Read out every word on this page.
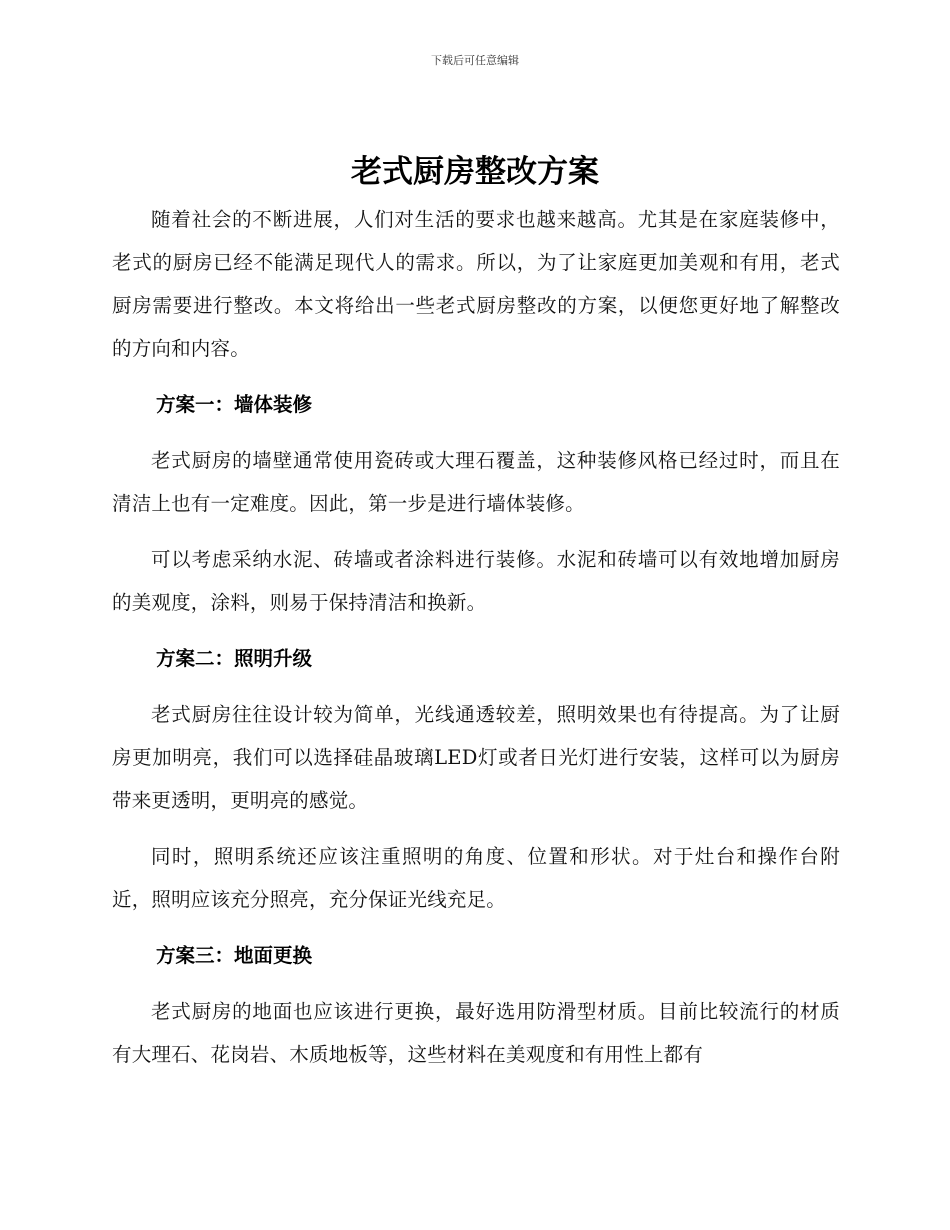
下载后可任意编辑
老式厨房整改方案

随着社会的不断进展，人们对生活的要求也越来越高。尤其是在家庭装修中，老式的厨房已经不能满足现代人的需求。所以，为了让家庭更加美观和有用，老式厨房需要进行整改。本文将给出一些老式厨房整改的方案，以便您更好地了解整改的方向和内容。

方案一：墙体装修

老式厨房的墙壁通常使用瓷砖或大理石覆盖，这种装修风格已经过时，而且在清洁上也有一定难度。因此，第一步是进行墙体装修。

可以考虑采纳水泥、砖墙或者涂料进行装修。水泥和砖墙可以有效地增加厨房的美观度，涂料，则易于保持清洁和换新。

方案二：照明升级

老式厨房往往设计较为简单，光线通透较差，照明效果也有待提高。为了让厨房更加明亮，我们可以选择硅晶玻璃LED灯或者日光灯进行安装，这样可以为厨房带来更透明，更明亮的感觉。

同时，照明系统还应该注重照明的角度、位置和形状。对于灶台和操作台附近，照明应该充分照亮，充分保证光线充足。

方案三：地面更换

老式厨房的地面也应该进行更换，最好选用防滑型材质。目前比较流行的材质有大理石、花岗岩、木质地板等，这些材料在美观度和有用性上都有
